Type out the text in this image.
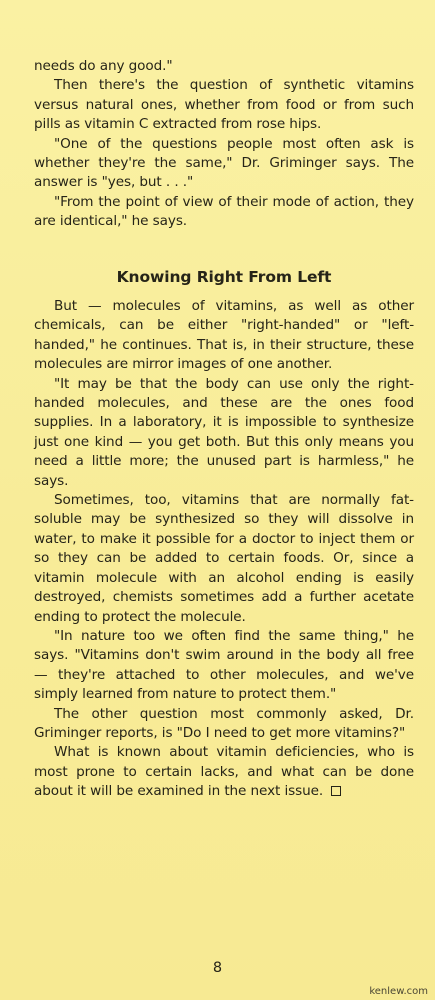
needs do any good."

Then there's the question of synthetic vitamins versus natural ones, whether from food or from such pills as vitamin C extracted from rose hips.

"One of the questions people most often ask is whether they're the same," Dr. Griminger says. The answer is "yes, but . . ."

"From the point of view of their mode of action, they are identical," he says.

Knowing Right From Left

But — molecules of vitamins, as well as other chemicals, can be either "right-handed" or "left-handed," he continues. That is, in their structure, these molecules are mirror images of one another.

"It may be that the body can use only the right-handed molecules, and these are the ones food supplies. In a laboratory, it is impossible to synthesize just one kind — you get both. But this only means you need a little more; the unused part is harmless," he says.

Sometimes, too, vitamins that are normally fat-soluble may be synthesized so they will dissolve in water, to make it possible for a doctor to inject them or so they can be added to certain foods. Or, since a vitamin molecule with an alcohol ending is easily destroyed, chemists sometimes add a further acetate ending to protect the molecule.

"In nature too we often find the same thing," he says. "Vitamins don't swim around in the body all free — they're attached to other molecules, and we've simply learned from nature to protect them."

The other question most commonly asked, Dr. Griminger reports, is "Do I need to get more vitamins?"

What is known about vitamin deficiencies, who is most prone to certain lacks, and what can be done about it will be examined in the next issue.

8
kenlew.com
